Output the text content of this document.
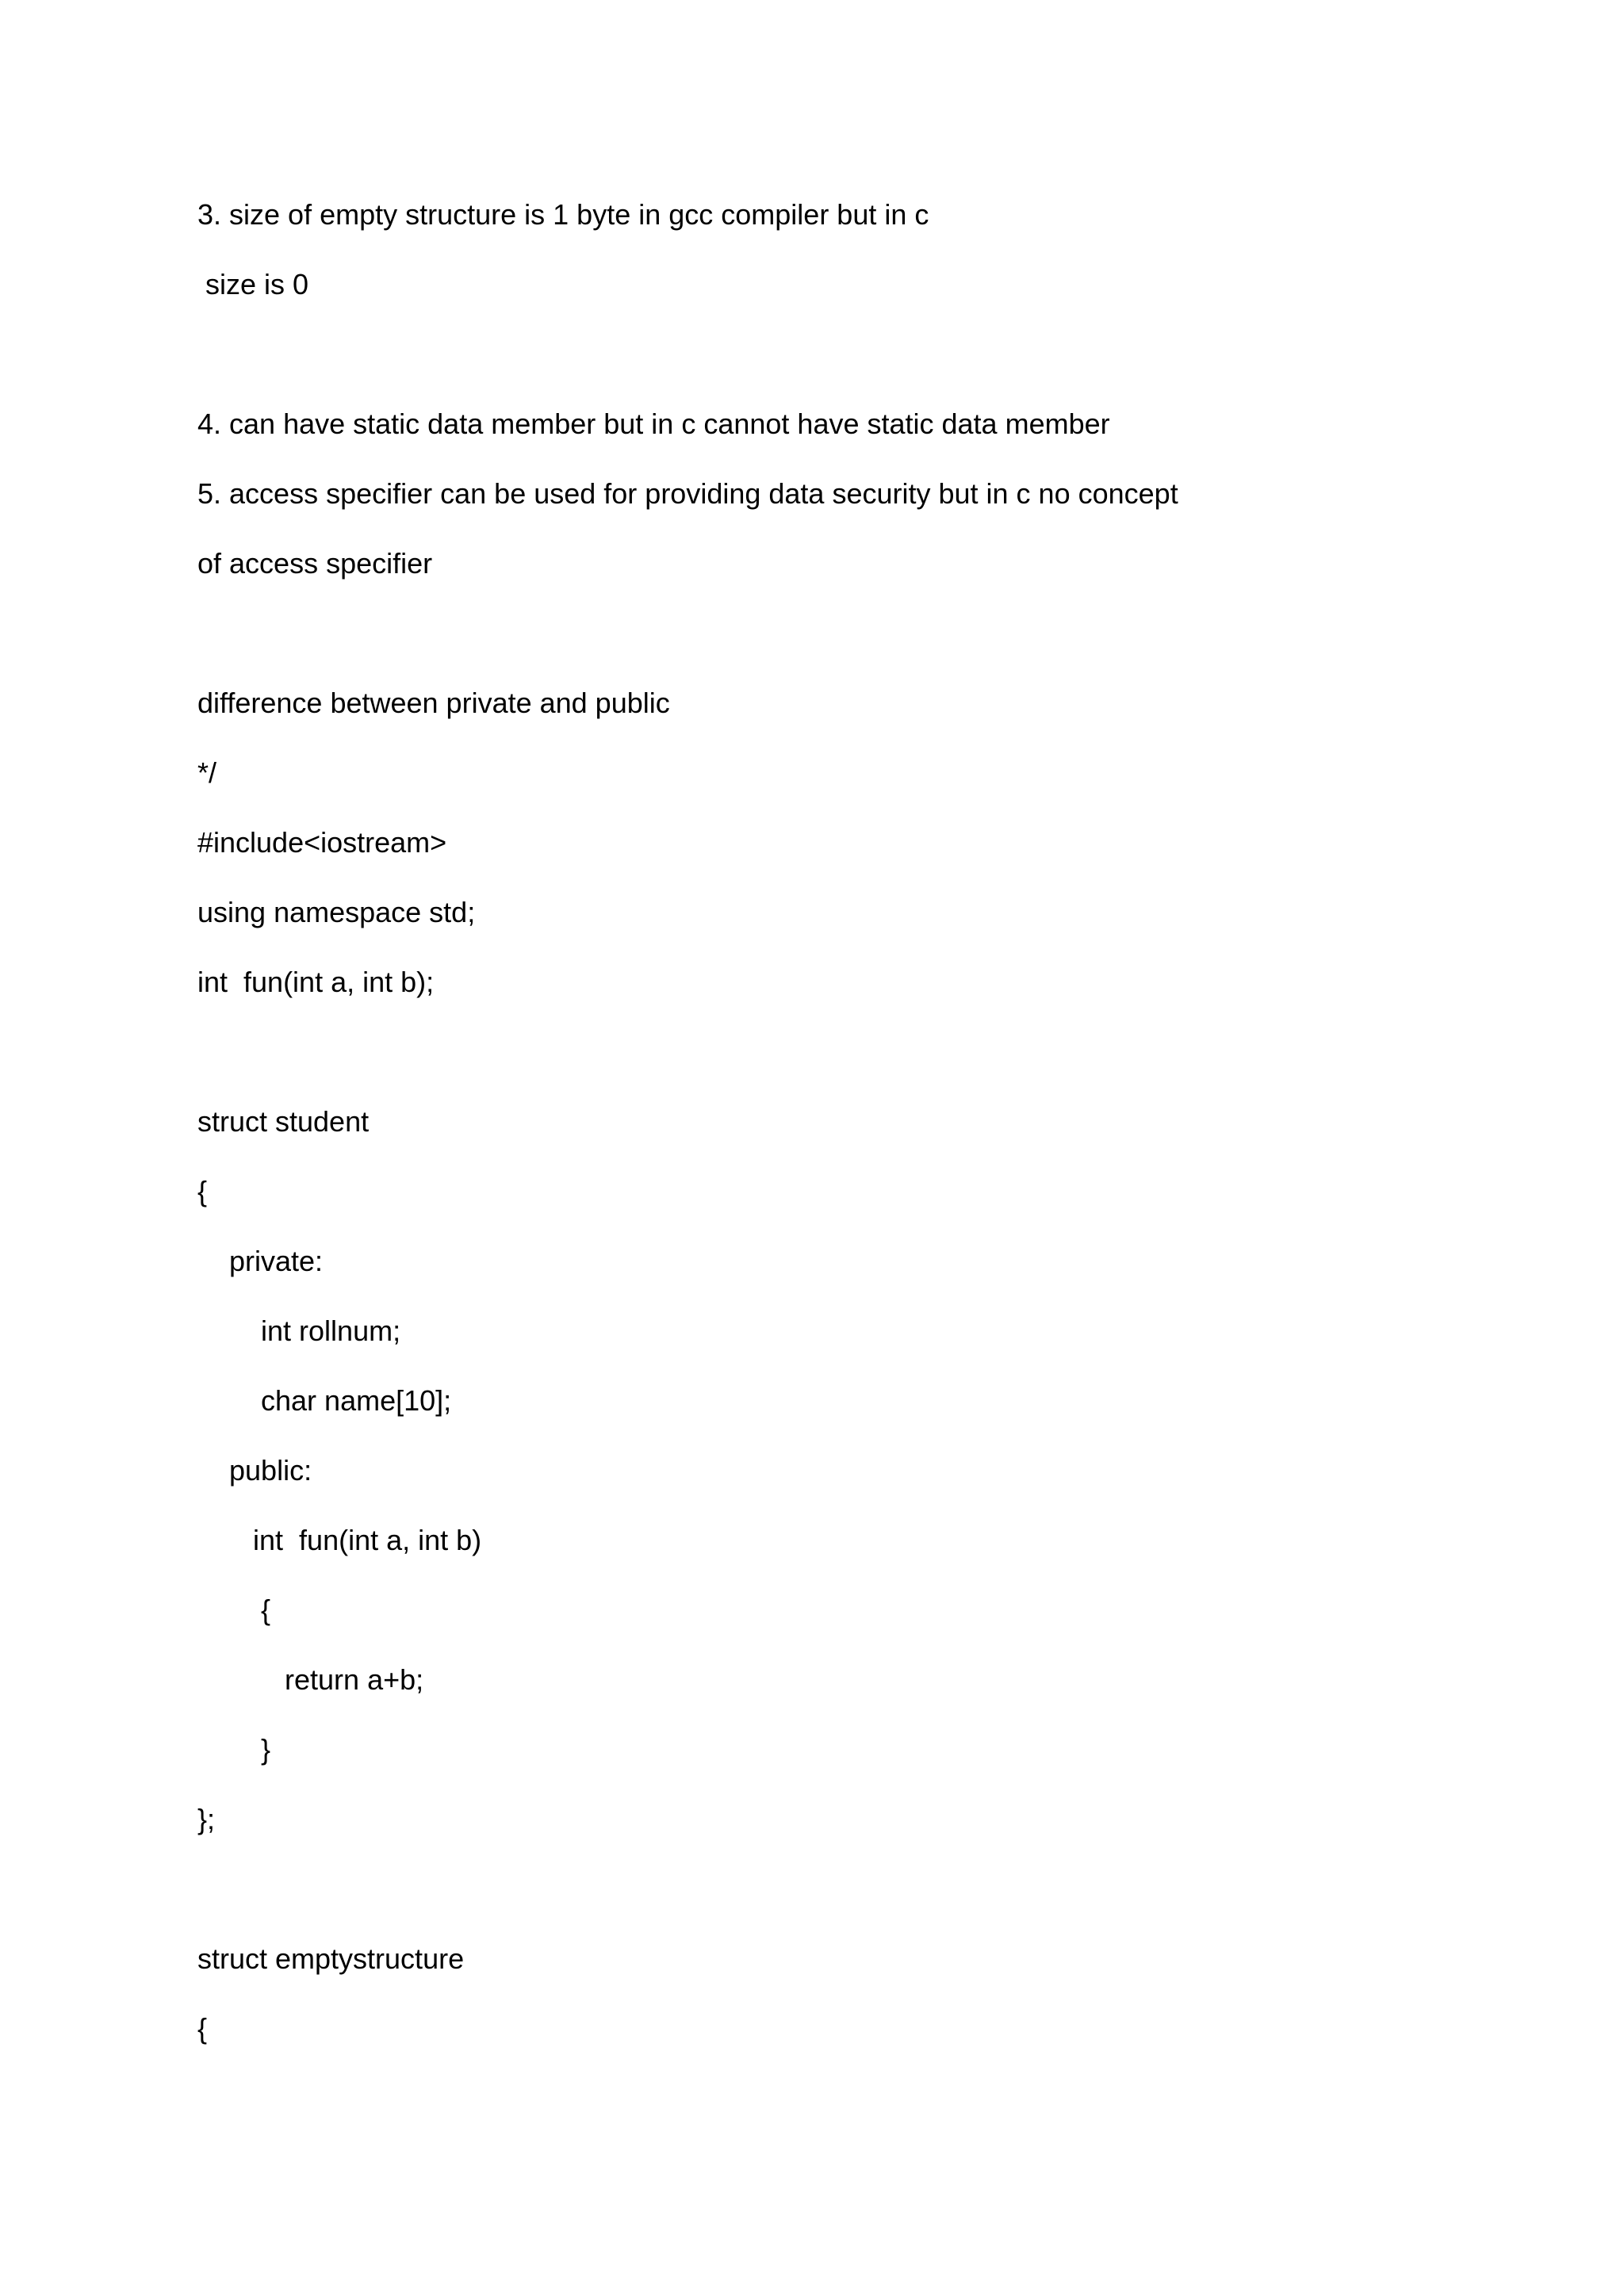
3. size of empty structure is 1 byte in gcc compiler but in c
size is 0
4. can have static data member but in c cannot have static data member
5. access specifier can be used for providing data security but in c no concept
of access specifier
difference between private and public
*/
#include<iostream>
using namespace std;
int  fun(int a, int b);
struct student
{
private:
int rollnum;
char name[10];
public:
int  fun(int a, int b)
{
return a+b;
}
};
struct emptystructure
{
